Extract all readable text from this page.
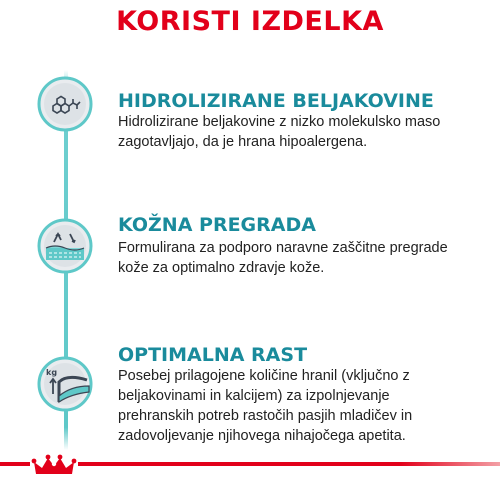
KORISTI IZDELKA
HIDROLIZIRANE BELJAKOVINE
Hidrolizirane beljakovine z nizko molekulsko maso zagotavljajo, da je hrana hipoalergena.
KOŽNA PREGRADA
Formulirana za podporo naravne zaščitne pregrade kože za optimalno zdravje kože.
kg
OPTIMALNA RAST
Posebej prilagojene količine hranil (vključno z beljakovinami in kalcijem) za izpolnjevanje prehranskih potreb rastočih pasjih mladičev in zadovoljevanje njihovega nihajočega apetita.
